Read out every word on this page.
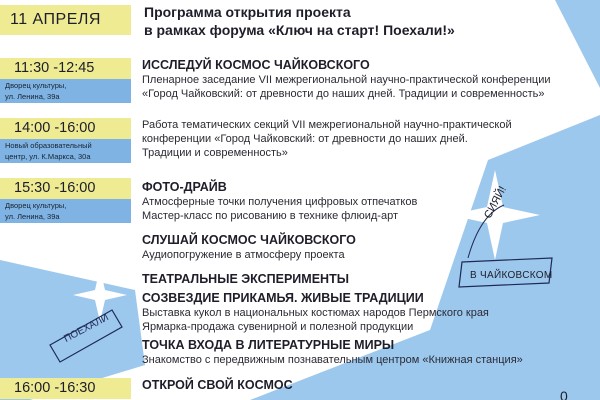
11 АПРЕЛЯ	Программа открытия проекта
в рамках форума «Ключ на старт! Поехали!»
11:30 -12:45
Дворец культуры,
ул. Ленина, 39а
14:00 -16:00
Новый образовательный
центр, ул. К.Маркса, 30а
15:30 -16:00
Дворец культуры,
ул. Ленина, 39а
16:00 -16:30
ИССЛЕДУЙ КОСМОС ЧАЙКОВСКОГО
Пленарное заседание VII межрегиональной научно-практической конференции
«Город Чайковский: от древности до наших дней. Традиции и современность»
Работа тематических секций VII межрегиональной научно-практической
конференции «Город Чайковский: от древности до наших дней.
Традиции и современность»
ФОТО-ДРАЙВ
Атмосферные точки получения цифровых отпечатков
Мастер-класс по рисованию в технике флюид-арт
СЛУШАЙ КОСМОС ЧАЙКОВСКОГО
Аудиопогружение в атмосферу проекта
ТЕАТРАЛЬНЫЕ ЭКСПЕРИМЕНТЫ
СОЗВЕЗДИЕ ПРИКАМЬЯ. ЖИВЫЕ ТРАДИЦИИ
Выставка кукол в национальных костюмах народов Пермского края
Ярмарка-продажа сувенирной и полезной продукции
ТОЧКА ВХОДА В ЛИТЕРАТУРНЫЕ МИРЫ
Знакомство с передвижным познавательным центром «Книжная станция»
ОТКРОЙ СВОЙ КОСМОС
СИЯЙ!
В ЧАЙКОВСКОМ
ПОЕХАЛИ
0
